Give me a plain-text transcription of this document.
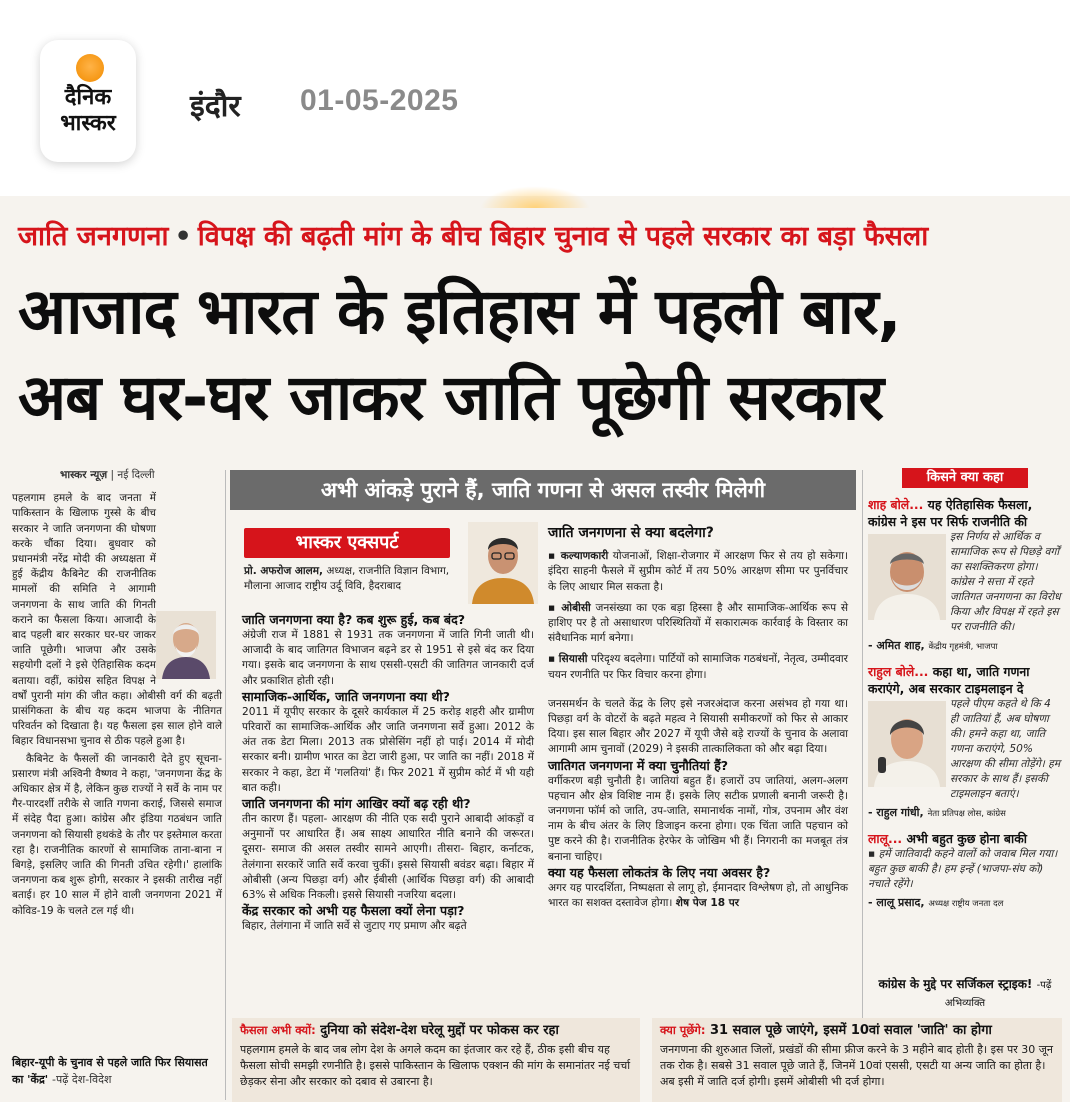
दैनिक
भास्कर	इंदौर 01-05-2025
जाति जनगणना • विपक्ष की बढ़ती मांग के बीच बिहार चुनाव से पहले सरकार का बड़ा फैसला
आजाद भारत के इतिहास में पहली बार,
अब घर-घर जाकर जाति पूछेगी सरकार
भास्कर न्यूज़ | नई दिल्ली

पहलगाम हमले के बाद जनता में पाकिस्तान के खिलाफ गुस्से के बीच सरकार ने जाति जनगणना की घोषणा करके चौंका दिया। बुधवार को प्रधानमंत्री नरेंद्र मोदी की अध्यक्षता में हुई केंद्रीय कैबिनेट की राजनीतिक मामलों की समिति ने आगामी जनगणना के साथ जाति की गिनती कराने का फैसला किया। आजादी के बाद पहली बार सरकार घर-घर जाकर जाति पूछेगी। भाजपा और उसके सहयोगी दलों ने इसे ऐतिहासिक कदम बताया। वहीं, कांग्रेस सहित विपक्ष ने वर्षों पुरानी मांग की जीत कहा। ओबीसी वर्ग की बढ़ती प्रासंगिकता के बीच यह कदम भाजपा के नीतिगत परिवर्तन को दिखाता है। यह फैसला इस साल होने वाले बिहार विधानसभा चुनाव से ठीक पहले हुआ है।

कैबिनेट के फैसलों की जानकारी देते हुए सूचना-प्रसारण मंत्री अश्विनी वैष्णव ने कहा, 'जनगणना केंद्र के अधिकार क्षेत्र में है, लेकिन कुछ राज्यों ने सर्वे के नाम पर गैर-पारदर्शी तरीके से जाति गणना कराई, जिससे समाज में संदेह पैदा हुआ। कांग्रेस और इंडिया गठबंधन जाति जनगणना को सियासी हथकंडे के तौर पर इस्तेमाल करता रहा है। राजनीतिक कारणों से सामाजिक ताना-बाना न बिगड़े, इसलिए जाति की गिनती उचित रहेगी।' हालांकि जनगणना कब शुरू होगी, सरकार ने इसकी तारीख नहीं बताई। हर 10 साल में होने वाली जनगणना 2021 में कोविड-19 के चलते टल गई थी।

बिहार-यूपी के चुनाव से पहले जाति फिर सियासत का 'केंद्र' -पढ़ें देश-विदेश
अभी आंकड़े पुराने हैं, जाति गणना से असल तस्वीर मिलेगी
भास्कर एक्सपर्ट
प्रो. अफरोज आलम, अध्यक्ष, राजनीति विज्ञान विभाग, मौलाना आजाद राष्ट्रीय उर्दू विवि, हैदराबाद
जाति जनगणना क्या है? कब शुरू हुई, कब बंद?

अंग्रेजी राज में 1881 से 1931 तक जनगणना में जाति गिनी जाती थी। आजादी के बाद जातिगत विभाजन बढ़ने डर से 1951 से इसे बंद कर दिया गया। इसके बाद जनगणना के साथ एससी-एसटी की जातिगत जानकारी दर्ज और प्रकाशित होती रही।

सामाजिक-आर्थिक, जाति जनगणना क्या थी?

2011 में यूपीए सरकार के दूसरे कार्यकाल में 25 करोड़ शहरी और ग्रामीण परिवारों का सामाजिक-आर्थिक और जाति जनगणना सर्वे हुआ। 2012 के अंत तक डेटा मिला। 2013 तक प्रोसेसिंग नहीं हो पाई। 2014 में मोदी सरकार बनी। ग्रामीण भारत का डेटा जारी हुआ, पर जाति का नहीं। 2018 में सरकार ने कहा, डेटा में 'गलतियां' हैं। फिर 2021 में सुप्रीम कोर्ट में भी यही बात कही।

जाति जनगणना की मांग आखिर क्यों बढ़ रही थी?

तीन कारण हैं। पहला- आरक्षण की नीति एक सदी पुराने आबादी आंकड़ों व अनुमानों पर आधारित हैं। अब साक्ष्य आधारित नीति बनाने की जरूरत। दूसरा- समाज की असल तस्वीर सामने आएगी। तीसरा- बिहार, कर्नाटक, तेलंगाना सरकारें जाति सर्वे करवा चुकीं। इससे सियासी बवंडर बढ़ा। बिहार में ओबीसी (अन्य पिछड़ा वर्ग) और ईबीसी (आर्थिक पिछड़ा वर्ग) की आबादी 63% से अधिक निकली। इससे सियासी नजरिया बदला।

केंद्र सरकार को अभी यह फैसला क्यों लेना पड़ा?

बिहार, तेलंगाना में जाति सर्वे से जुटाए गए प्रमाण और बढ़ते

जाति जनगणना से क्या बदलेगा?
▪ कल्याणकारी योजनाओं, शिक्षा-रोजगार में आरक्षण फिर से तय हो सकेगा। इंदिरा साहनी फैसले में सुप्रीम कोर्ट में तय 50% आरक्षण सीमा पर पुनर्विचार के लिए आधार मिल सकता है।
▪ ओबीसी जनसंख्या का एक बड़ा हिस्सा है और सामाजिक-आर्थिक रूप से हाशिए पर है तो असाधारण परिस्थितियों में सकारात्मक कार्रवाई के विस्तार का संवैधानिक मार्ग बनेगा।
▪ सियासी परिदृश्य बदलेगा। पार्टियों को सामाजिक गठबंधनों, नेतृत्व, उम्मीदवार चयन रणनीति पर फिर विचार करना होगा।

जनसमर्थन के चलते केंद्र के लिए इसे नजरअंदाज करना असंभव हो गया था। पिछड़ा वर्ग के वोटरों के बढ़ते महत्व ने सियासी समीकरणों को फिर से आकार दिया। इस साल बिहार और 2027 में यूपी जैसे बड़े राज्यों के चुनाव के अलावा आगामी आम चुनावों (2029) ने इसकी तात्कालिकता को और बढ़ा दिया।

जातिगत जनगणना में क्या चुनौतियां हैं?

वर्गीकरण बड़ी चुनौती है। जातियां बहुत हैं। हजारों उप जातियां, अलग-अलग पहचान और क्षेत्र विशिष्ट नाम हैं। इसके लिए सटीक प्रणाली बनानी जरूरी है। जनगणना फॉर्म को जाति, उप-जाति, समानार्थक नामों, गोत्र, उपनाम और वंश नाम के बीच अंतर के लिए डिजाइन करना होगा। एक चिंता जाति पहचान को पुष्ट करने की है। राजनीतिक हेरफेर के जोखिम भी हैं। निगरानी का मजबूत तंत्र बनाना चाहिए।

क्या यह फैसला लोकतंत्र के लिए नया अवसर है?

अगर यह पारदर्शिता, निष्पक्षता से लागू हो, ईमानदार विश्लेषण हो, तो आधुनिक भारत का सशक्त दस्तावेज होगा। शेष पेज 18 पर

किसने क्या कहा
शाह बोले... यह ऐतिहासिक फैसला, कांग्रेस ने इस पर सिर्फ राजनीति की
इस निर्णय से आर्थिक व सामाजिक रूप से पिछड़े वर्गों का सशक्तिकरण होगा। कांग्रेस ने सत्ता में रहते जातिगत जनगणना का विरोध किया और विपक्ष में रहते इस पर राजनीति की।
- अमित शाह, केंद्रीय गृहमंत्री, भाजपा
राहुल बोले... कहा था, जाति गणना कराएंगे, अब सरकार टाइमलाइन दे
पहले पीएम कहते थे कि 4 ही जातियां हैं, अब घोषणा की। हमने कहा था, जाति गणना कराएंगे, 50% आरक्षण की सीमा तोड़ेंगे। हम सरकार के साथ हैं। इसकी टाइमलाइन बताएं।
- राहुल गांधी, नेता प्रतिपक्ष लोस, कांग्रेस
लालू... अभी बहुत कुछ होना बाकी
▪ हमें जातिवादी कहने वालों को जवाब मिल गया। बहुत कुछ बाकी है। हम इन्हें (भाजपा-संघ को) नचाते रहेंगे।
- लालू प्रसाद, अध्यक्ष राष्ट्रीय जनता दल
कांग्रेस के मुद्दे पर सर्जिकल स्ट्राइक! -पढ़ें अभिव्यक्ति
फैसला अभी क्यों: दुनिया को संदेश-देश घरेलू मुद्दों पर फोकस कर रहा
पहलगाम हमले के बाद जब लोग देश के अगले कदम का इंतजार कर रहे हैं, ठीक इसी बीच यह फैसला सोची समझी रणनीति है। इससे पाकिस्तान के खिलाफ एक्शन की मांग के समानांतर नई चर्चा छेड़कर सेना और सरकार को दबाव से उबारना है।
क्या पूछेंगे: 31 सवाल पूछे जाएंगे, इसमें 10वां सवाल 'जाति' का होगा
जनगणना की शुरुआत जिलों, प्रखंडों की सीमा फ्रीज करने के 3 महीने बाद होती है। इस पर 30 जून तक रोक है। सबसे 31 सवाल पूछे जाते हैं, जिनमें 10वां एससी, एसटी या अन्य जाति का होता है। अब इसी में जाति दर्ज होगी। इसमें ओबीसी भी दर्ज होगा।
